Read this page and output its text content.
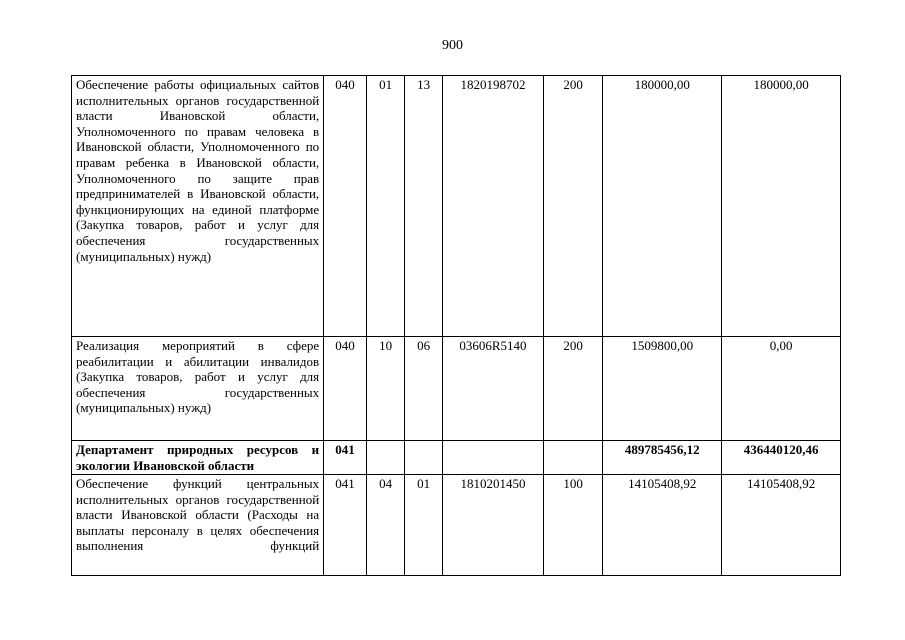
900
Обеспечение работы официальных сайтов исполнительных органов государственной власти Ивановской области, Уполномоченного по правам человека в Ивановской области, Уполномоченного по правам ребенка в Ивановской области, Уполномоченного по защите прав предпринимателей в Ивановской области, функционирующих на единой платформе (Закупка товаров, работ и услуг для обеспечения государственных (муниципальных) нужд)	040	01	13	1820198702	200	180000,00	180000,00
Реализация мероприятий в сфере реабилитации и абилитации инвалидов (Закупка товаров, работ и услуг для обеспечения государственных (муниципальных) нужд)	040	10	06	03606R5140	200	1509800,00	0,00
Департамент природных ресурсов и экологии Ивановской области	041					489785456,12	436440120,46
Обеспечение функций центральных исполнительных органов государственной власти Ивановской области (Расходы на выплаты персоналу в целях обеспечения выполнения функций	041	04	01	1810201450	100	14105408,92	14105408,92
